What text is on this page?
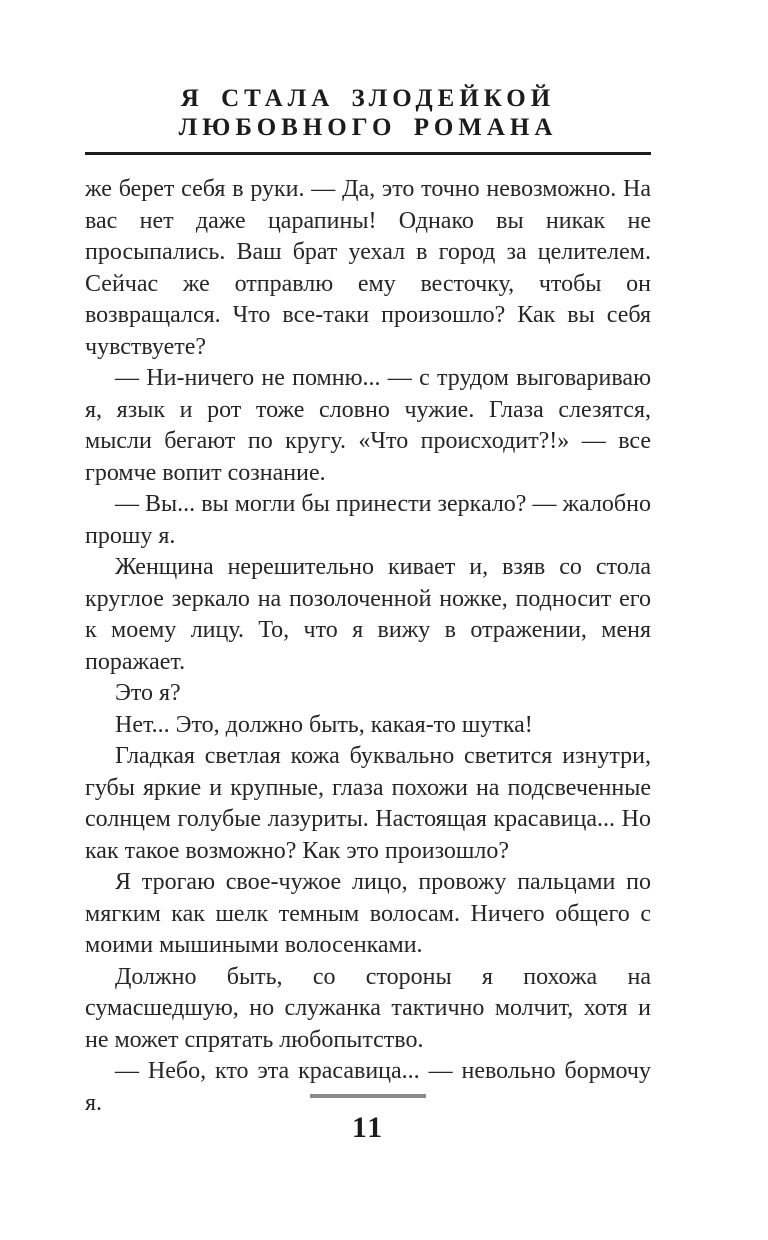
Я СТАЛА ЗЛОДЕЙКОЙ
ЛЮБОВНОГО РОМАНА

же берет себя в руки. — Да, это точно невозможно. На вас нет даже царапины! Однако вы никак не просыпались. Ваш брат уехал в город за целителем. Сейчас же отправлю ему весточку, чтобы он возвращался. Что все-таки произошло? Как вы себя чувствуете?

— Ни-ничего не помню... — с трудом выговариваю я, язык и рот тоже словно чужие. Глаза слезятся, мысли бегают по кругу. «Что происходит?!» — все громче вопит сознание.

— Вы... вы могли бы принести зеркало? — жалобно прошу я.

Женщина нерешительно кивает и, взяв со стола круглое зеркало на позолоченной ножке, подносит его к моему лицу. То, что я вижу в отражении, меня поражает.

Это я?

Нет... Это, должно быть, какая-то шутка!

Гладкая светлая кожа буквально светится изнутри, губы яркие и крупные, глаза похожи на подсвеченные солнцем голубые лазуриты. Настоящая красавица... Но как такое возможно? Как это произошло?

Я трогаю свое-чужое лицо, провожу пальцами по мягким как шелк темным волосам. Ничего общего с моими мышиными волосенками.

Должно быть, со стороны я похожа на сумасшедшую, но служанка тактично молчит, хотя и не может спрятать любопытство.

— Небо, кто эта красавица... — невольно бормочу я.

11
